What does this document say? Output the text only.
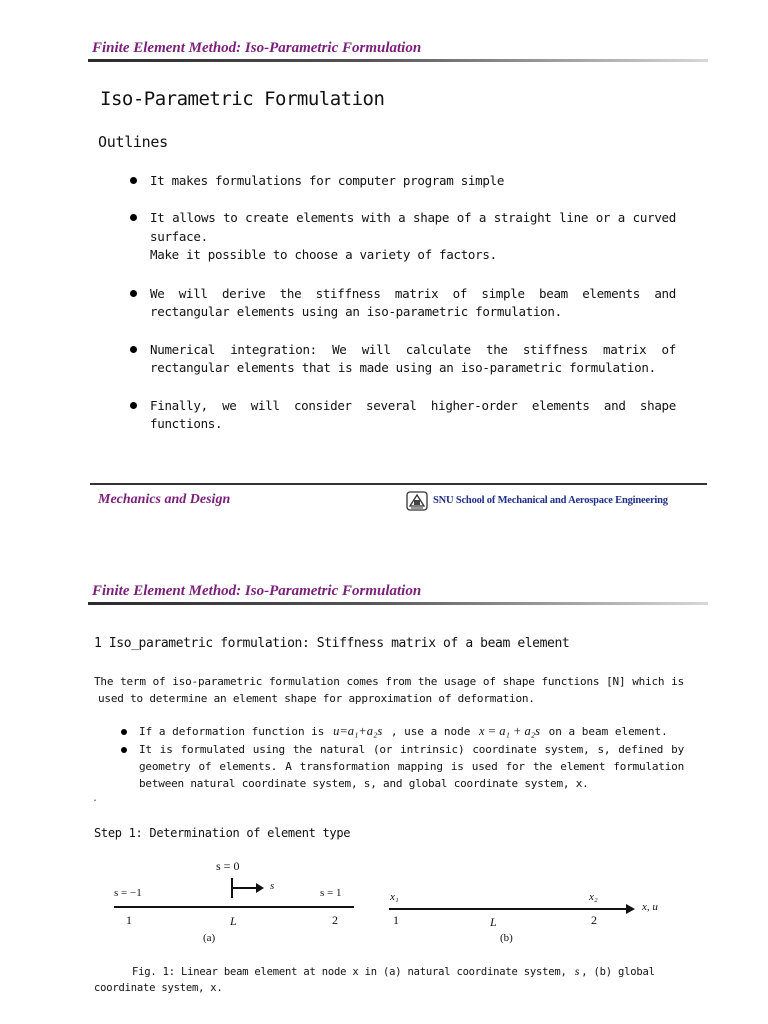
Finite Element Method: Iso-Parametric Formulation
Iso-Parametric Formulation
Outlines
It makes formulations for computer program simple
It allows to create elements with a shape of a straight line or a curved
surface.
Make it possible to choose a variety of factors.
We will derive the stiffness matrix of simple beam elements and
rectangular elements using an iso-parametric formulation.
Numerical integration: We will calculate the stiffness matrix of
rectangular elements that is made using an iso-parametric formulation.
Finally, we will consider several higher-order elements and shape
functions.
Mechanics and Design	SNU School of Mechanical and Aerospace Engineering
Finite Element Method: Iso-Parametric Formulation
1 Iso_parametric formulation: Stiffness matrix of a beam element
The term of iso-parametric formulation comes from the usage of shape functions [N] which is
used to determine an element shape for approximation of deformation.
If a deformation function is u=a₁+a₂s , use a node x = a₁ + a₂s on a beam element.
It is formulated using the natural (or intrinsic) coordinate system, s, defined by
geometry of elements. A transformation mapping is used for the element formulation
between natural coordinate system, s, and global coordinate system, x.
.
Step 1: Determination of element type
s = 0
s
s = −1	s = 1
1	L	2
(a)
x₁	x₂
x, u
1	L	2
(b)
Fig. 1: Linear beam element at node x in (a) natural coordinate system, s , (b) global
coordinate system, x.
